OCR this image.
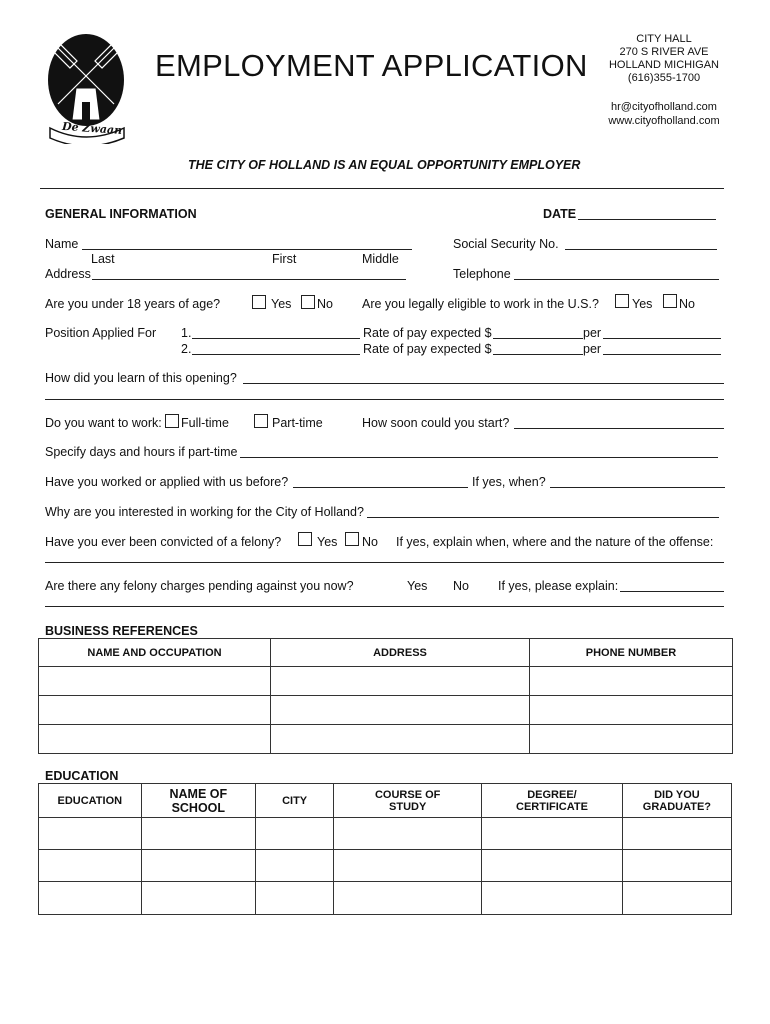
De Zwaan
EMPLOYMENT APPLICATION
CITY HALL
270 S RIVER AVE
HOLLAND MICHIGAN
(616)355-1700
hr@cityofholland.com
www.cityofholland.com
THE CITY OF HOLLAND IS AN EQUAL OPPORTUNITY EMPLOYER
GENERAL INFORMATION	DATE
Name
Last	First	Middle
Social Security No.
Address	Telephone
Are you under 18 years of age?	Yes No Are you legally eligible to work in the U.S.?	Yes No
Position Applied For 1.
2.
Rate of pay expected $	per
Rate of pay expected $	per
How did you learn of this opening?
Do you want to work: Full-time	Part-time	How soon could you start?
Specify days and hours if part-time
Have you worked or applied with us before?	If yes, when?
Why are you interested in working for the City of Holland?
Have you ever been convicted of a felony?	Yes No If yes, explain when, where and the nature of the offense:
Are there any felony charges pending against you now?	Yes No If yes, please explain:
BUSINESS REFERENCES
NAME AND OCCUPATION	ADDRESS	PHONE NUMBER

EDUCATION
EDUCATION	NAME OF SCHOOL	CITY	COURSE OF STUDY	DEGREE/ CERTIFICATE	DID YOU GRADUATE?
